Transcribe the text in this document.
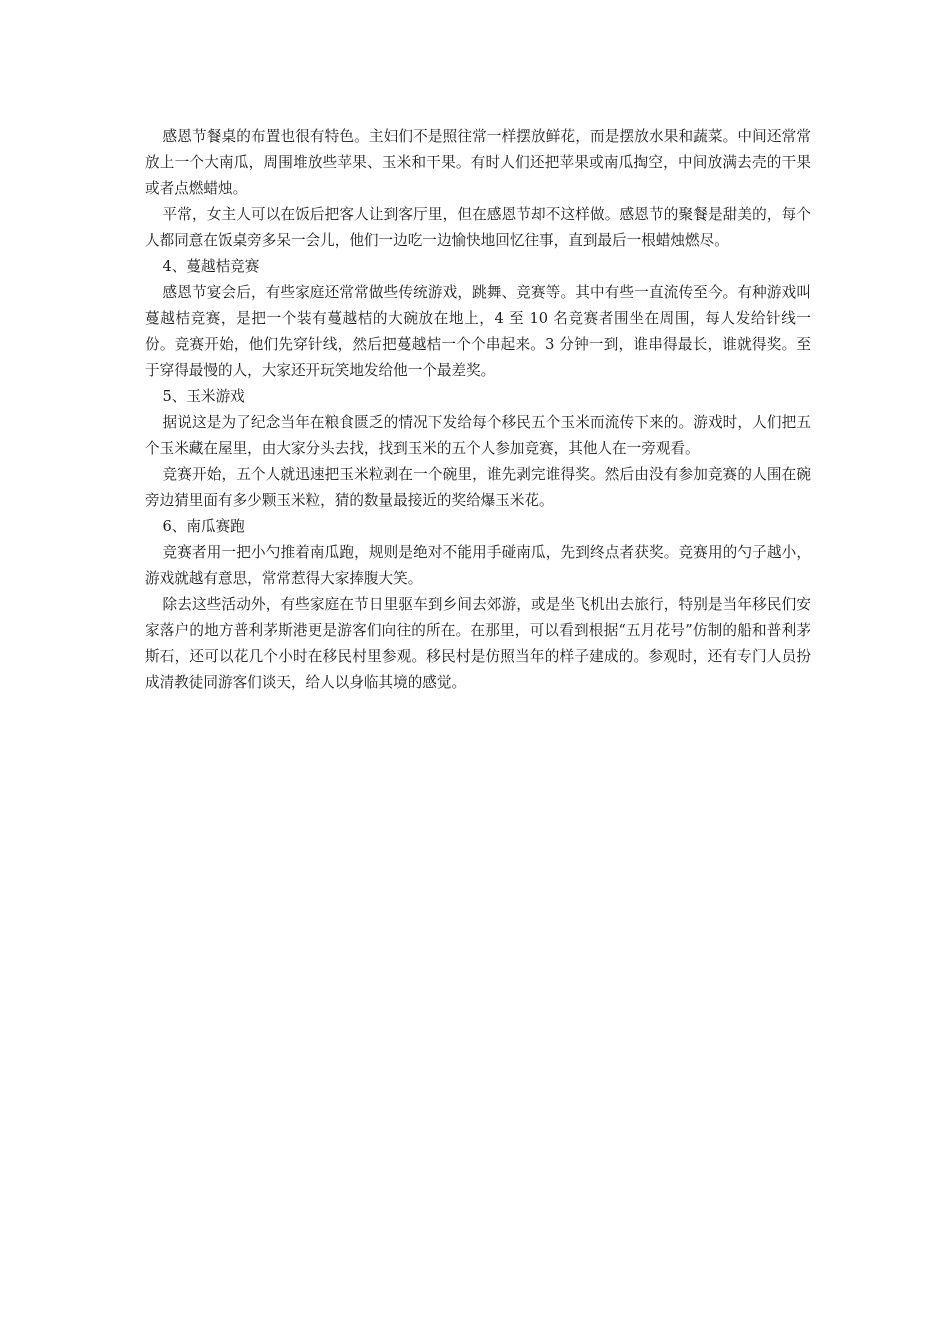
感恩节餐桌的布置也很有特色。主妇们不是照往常一样摆放鲜花，而是摆放水果和蔬菜。中间还常常放上一个大南瓜，周围堆放些苹果、玉米和干果。有时人们还把苹果或南瓜掏空，中间放满去壳的干果或者点燃蜡烛。

平常，女主人可以在饭后把客人让到客厅里，但在感恩节却不这样做。感恩节的聚餐是甜美的，每个人都同意在饭桌旁多呆一会儿，他们一边吃一边愉快地回忆往事，直到最后一根蜡烛燃尽。

4、蔓越桔竞赛

感恩节宴会后，有些家庭还常常做些传统游戏，跳舞、竞赛等。其中有些一直流传至今。有种游戏叫蔓越桔竞赛，是把一个装有蔓越桔的大碗放在地上，4 至 10 名竞赛者围坐在周围，每人发给针线一份。竞赛开始，他们先穿针线，然后把蔓越桔一个个串起来。3 分钟一到，谁串得最长，谁就得奖。至于穿得最慢的人，大家还开玩笑地发给他一个最差奖。

5、玉米游戏

据说这是为了纪念当年在粮食匮乏的情况下发给每个移民五个玉米而流传下来的。游戏时，人们把五个玉米藏在屋里，由大家分头去找，找到玉米的五个人参加竞赛，其他人在一旁观看。

竞赛开始，五个人就迅速把玉米粒剥在一个碗里，谁先剥完谁得奖。然后由没有参加竞赛的人围在碗旁边猜里面有多少颗玉米粒，猜的数量最接近的奖给爆玉米花。

6、南瓜赛跑

竞赛者用一把小勺推着南瓜跑，规则是绝对不能用手碰南瓜，先到终点者获奖。竞赛用的勺子越小，游戏就越有意思，常常惹得大家捧腹大笑。

除去这些活动外，有些家庭在节日里驱车到乡间去郊游，或是坐飞机出去旅行，特别是当年移民们安家落户的地方普利茅斯港更是游客们向往的所在。在那里，可以看到根据“五月花号”仿制的船和普利茅斯石，还可以花几个小时在移民村里参观。移民村是仿照当年的样子建成的。参观时，还有专门人员扮成清教徒同游客们谈天，给人以身临其境的感觉。
